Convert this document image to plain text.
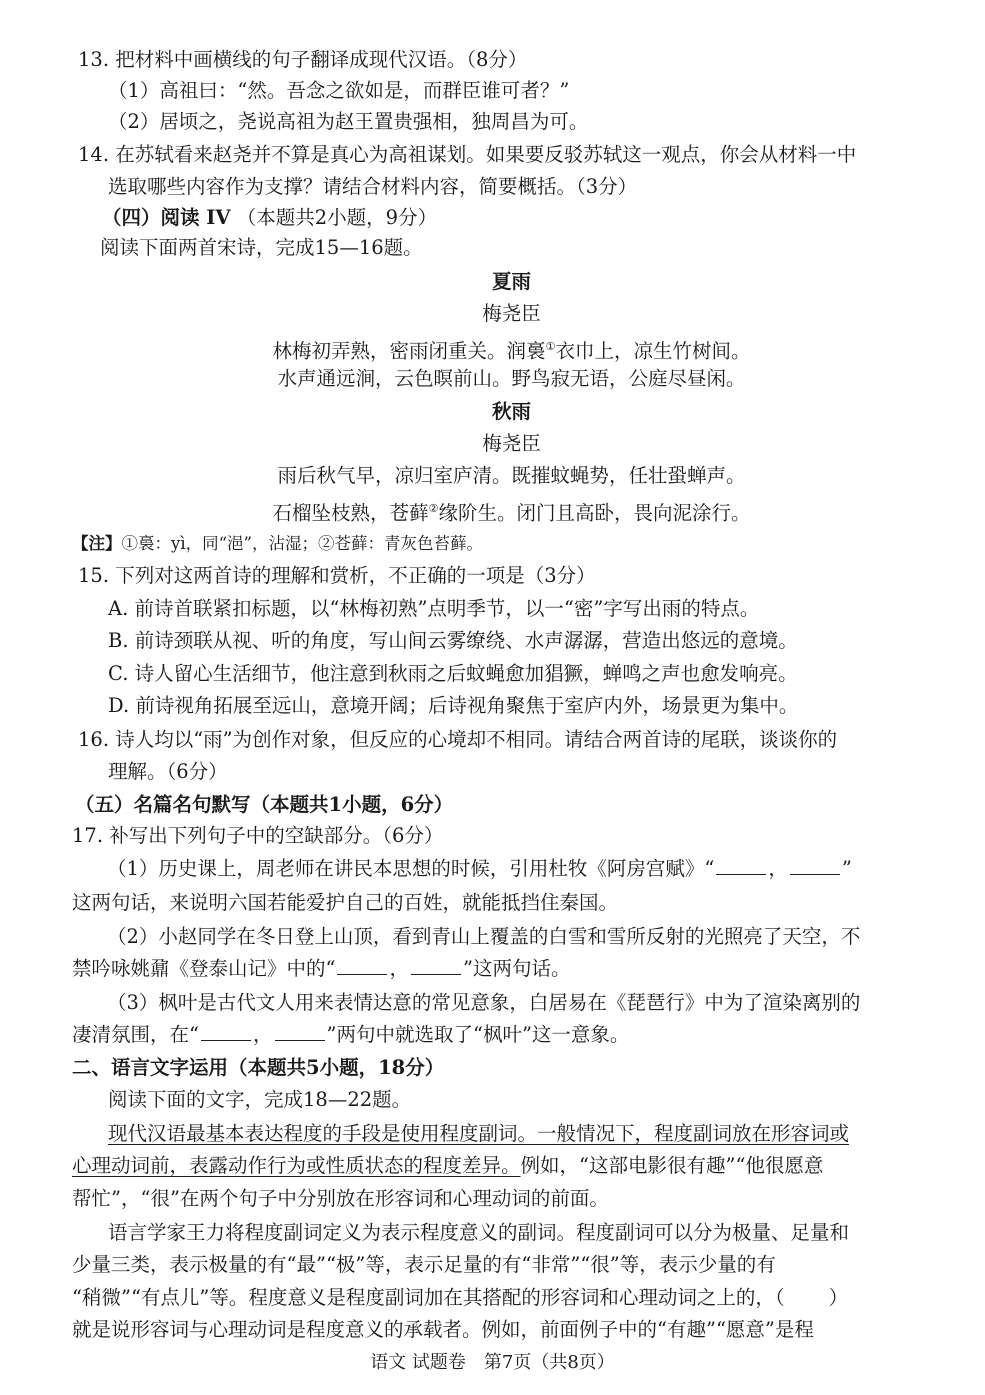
13. 把材料中画横线的句子翻译成现代汉语。（8分）
（1）高祖曰：“然。吾念之欲如是，而群臣谁可者？”
（2）居顷之，尧说高祖为赵王置贵强相，独周昌为可。
14. 在苏轼看来赵尧并不算是真心为高祖谋划。如果要反驳苏轼这一观点，你会从材料一中
选取哪些内容作为支撑？请结合材料内容，简要概括。（3分）
（四）阅读 IV （本题共2小题，9分）
阅读下面两首宋诗，完成15—16题。
夏雨
梅尧臣
林梅初弄熟，密雨闭重关。润裛①衣巾上，凉生竹树间。
水声通远涧，云色暝前山。野鸟寂无语，公庭尽昼闲。
秋雨
梅尧臣
雨后秋气早，凉归室庐清。既摧蚊蝇势，任壮蛩蝉声。
石榴坠枝熟，苍藓②缘阶生。闭门且高卧，畏向泥涂行。
【注】①裛：yì，同“浥”，沾湿；②苍藓：青灰色苔藓。
15. 下列对这两首诗的理解和赏析，不正确的一项是（3分）
A. 前诗首联紧扣标题，以“林梅初熟”点明季节，以一“密”字写出雨的特点。
B. 前诗颈联从视、听的角度，写山间云雾缭绕、水声潺潺，营造出悠远的意境。
C. 诗人留心生活细节，他注意到秋雨之后蚊蝇愈加猖獗，蝉鸣之声也愈发响亮。
D. 前诗视角拓展至远山，意境开阔；后诗视角聚焦于室庐内外，场景更为集中。
16. 诗人均以“雨”为创作对象，但反应的心境却不相同。请结合两首诗的尾联，谈谈你的
理解。（6分）
（五）名篇名句默写（本题共1小题，6分）
17. 补写出下列句子中的空缺部分。（6分）
（1）历史课上，周老师在讲民本思想的时候，引用杜牧《阿房宫赋》“	，	”
这两句话，来说明六国若能爱护自己的百姓，就能抵挡住秦国。
（2）小赵同学在冬日登上山顶，看到青山上覆盖的白雪和雪所反射的光照亮了天空，不
禁吟咏姚鼐《登泰山记》中的“	，	”这两句话。
（3）枫叶是古代文人用来表情达意的常见意象，白居易在《琵琶行》中为了渲染离别的
凄清氛围，在“	，	”两句中就选取了“枫叶”这一意象。
二、语言文字运用（本题共5小题，18分）
阅读下面的文字，完成18—22题。
现代汉语最基本表达程度的手段是使用程度副词。一般情况下，程度副词放在形容词或
心理动词前，表露动作行为或性质状态的程度差异。例如，“这部电影很有趣”“他很愿意
帮忙”，“很”在两个句子中分别放在形容词和心理动词的前面。
语言学家王力将程度副词定义为表示程度意义的副词。程度副词可以分为极量、足量和
少量三类，表示极量的有“最”“极”等，表示足量的有“非常”“很”等，表示少量的有
“稍微”“有点儿”等。程度意义是程度副词加在其搭配的形容词和心理动词之上的，（ ）
就是说形容词与心理动词是程度意义的承载者。例如，前面例子中的“有趣”“愿意”是程
语文 试题卷　第7页（共8页）
